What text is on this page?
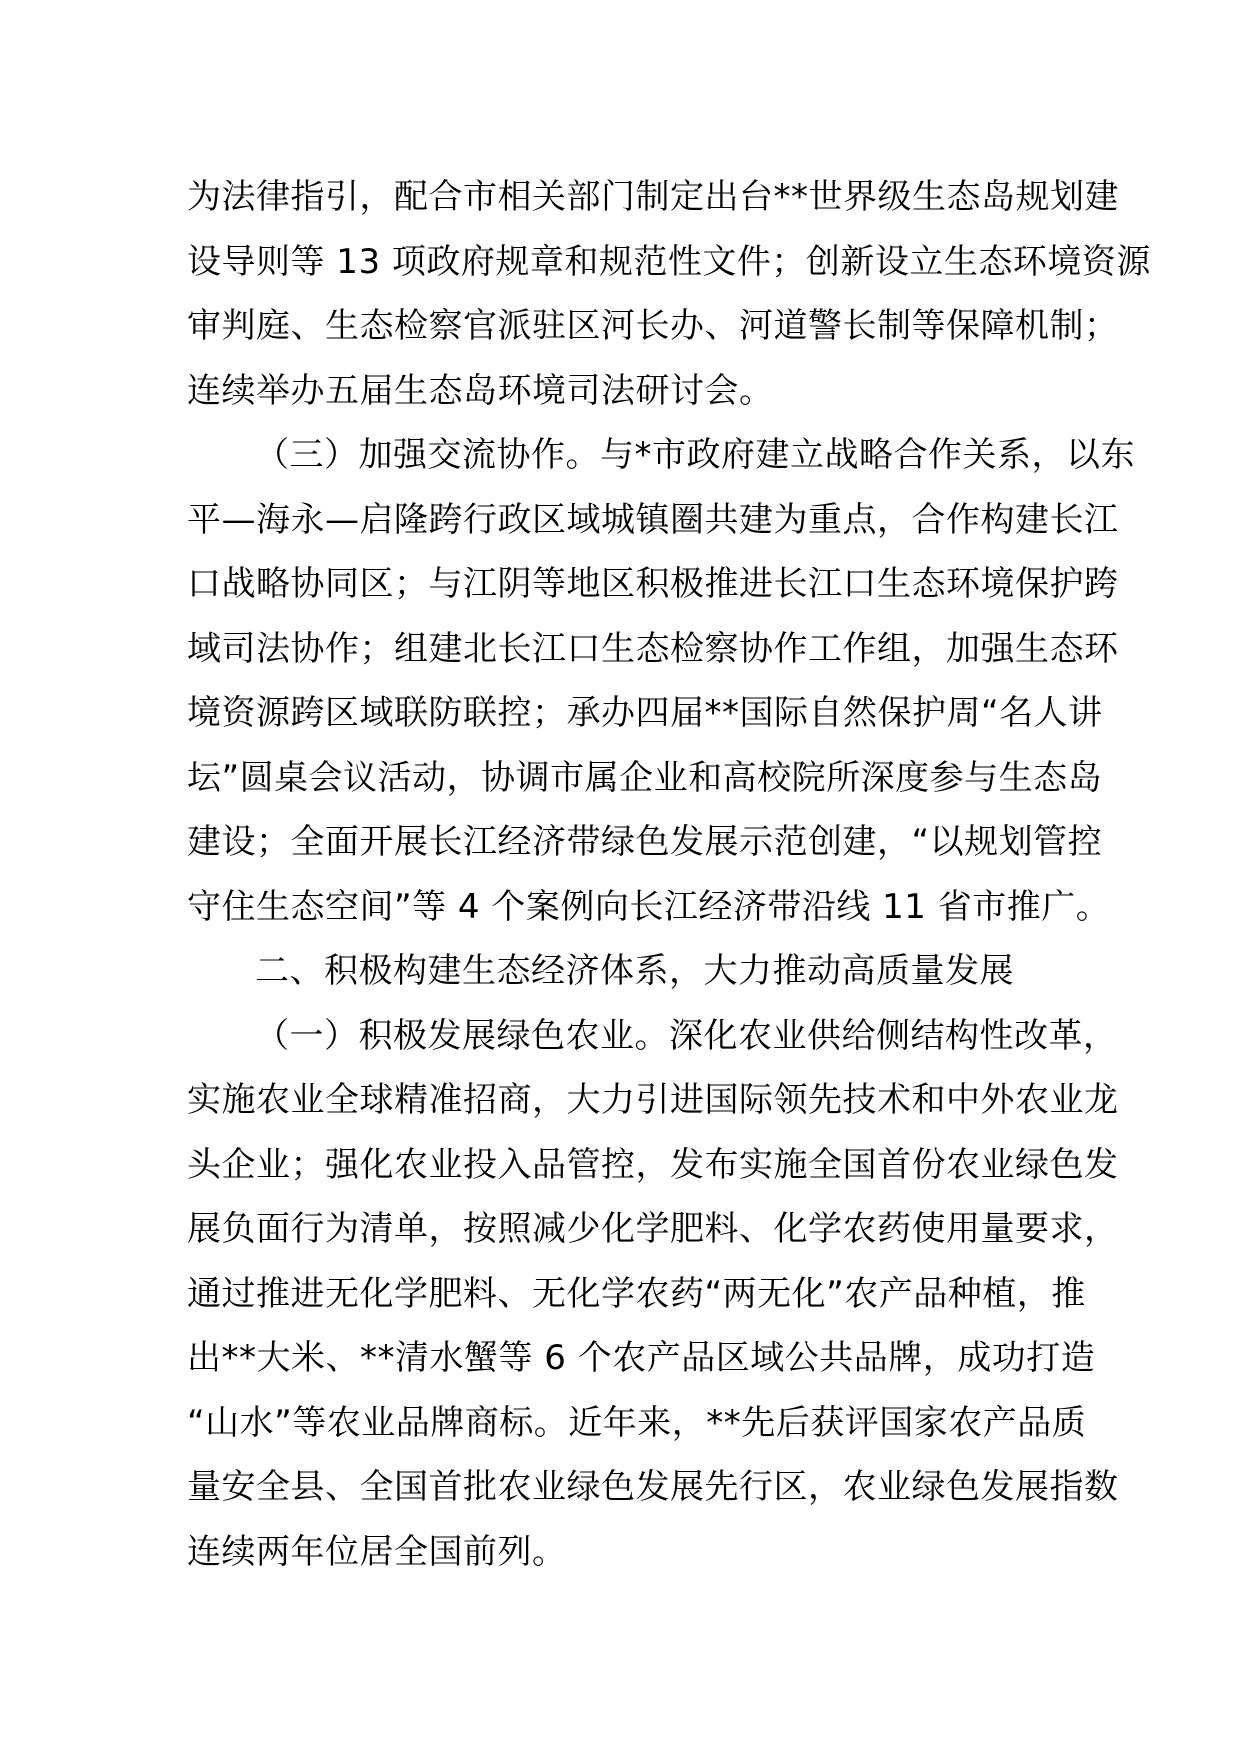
为法律指引，配合市相关部门制定出台**世界级生态岛规划建
设导则等 13 项政府规章和规范性文件；创新设立生态环境资源
审判庭、生态检察官派驻区河长办、河道警长制等保障机制；
连续举办五届生态岛环境司法研讨会。
（三）加强交流协作。与*市政府建立战略合作关系，以东
平—海永—启隆跨行政区域城镇圈共建为重点，合作构建长江
口战略协同区；与江阴等地区积极推进长江口生态环境保护跨
域司法协作；组建北长江口生态检察协作工作组，加强生态环
境资源跨区域联防联控；承办四届**国际自然保护周“名人讲
坛”圆桌会议活动，协调市属企业和高校院所深度参与生态岛
建设；全面开展长江经济带绿色发展示范创建，“以规划管控
守住生态空间”等 4 个案例向长江经济带沿线 11 省市推广。
二、积极构建生态经济体系，大力推动高质量发展
（一）积极发展绿色农业。深化农业供给侧结构性改革，
实施农业全球精准招商，大力引进国际领先技术和中外农业龙
头企业；强化农业投入品管控，发布实施全国首份农业绿色发
展负面行为清单，按照减少化学肥料、化学农药使用量要求，
通过推进无化学肥料、无化学农药“两无化”农产品种植，推
出**大米、**清水蟹等 6 个农产品区域公共品牌，成功打造
“山水”等农业品牌商标。近年来，**先后获评国家农产品质
量安全县、全国首批农业绿色发展先行区，农业绿色发展指数
连续两年位居全国前列。
